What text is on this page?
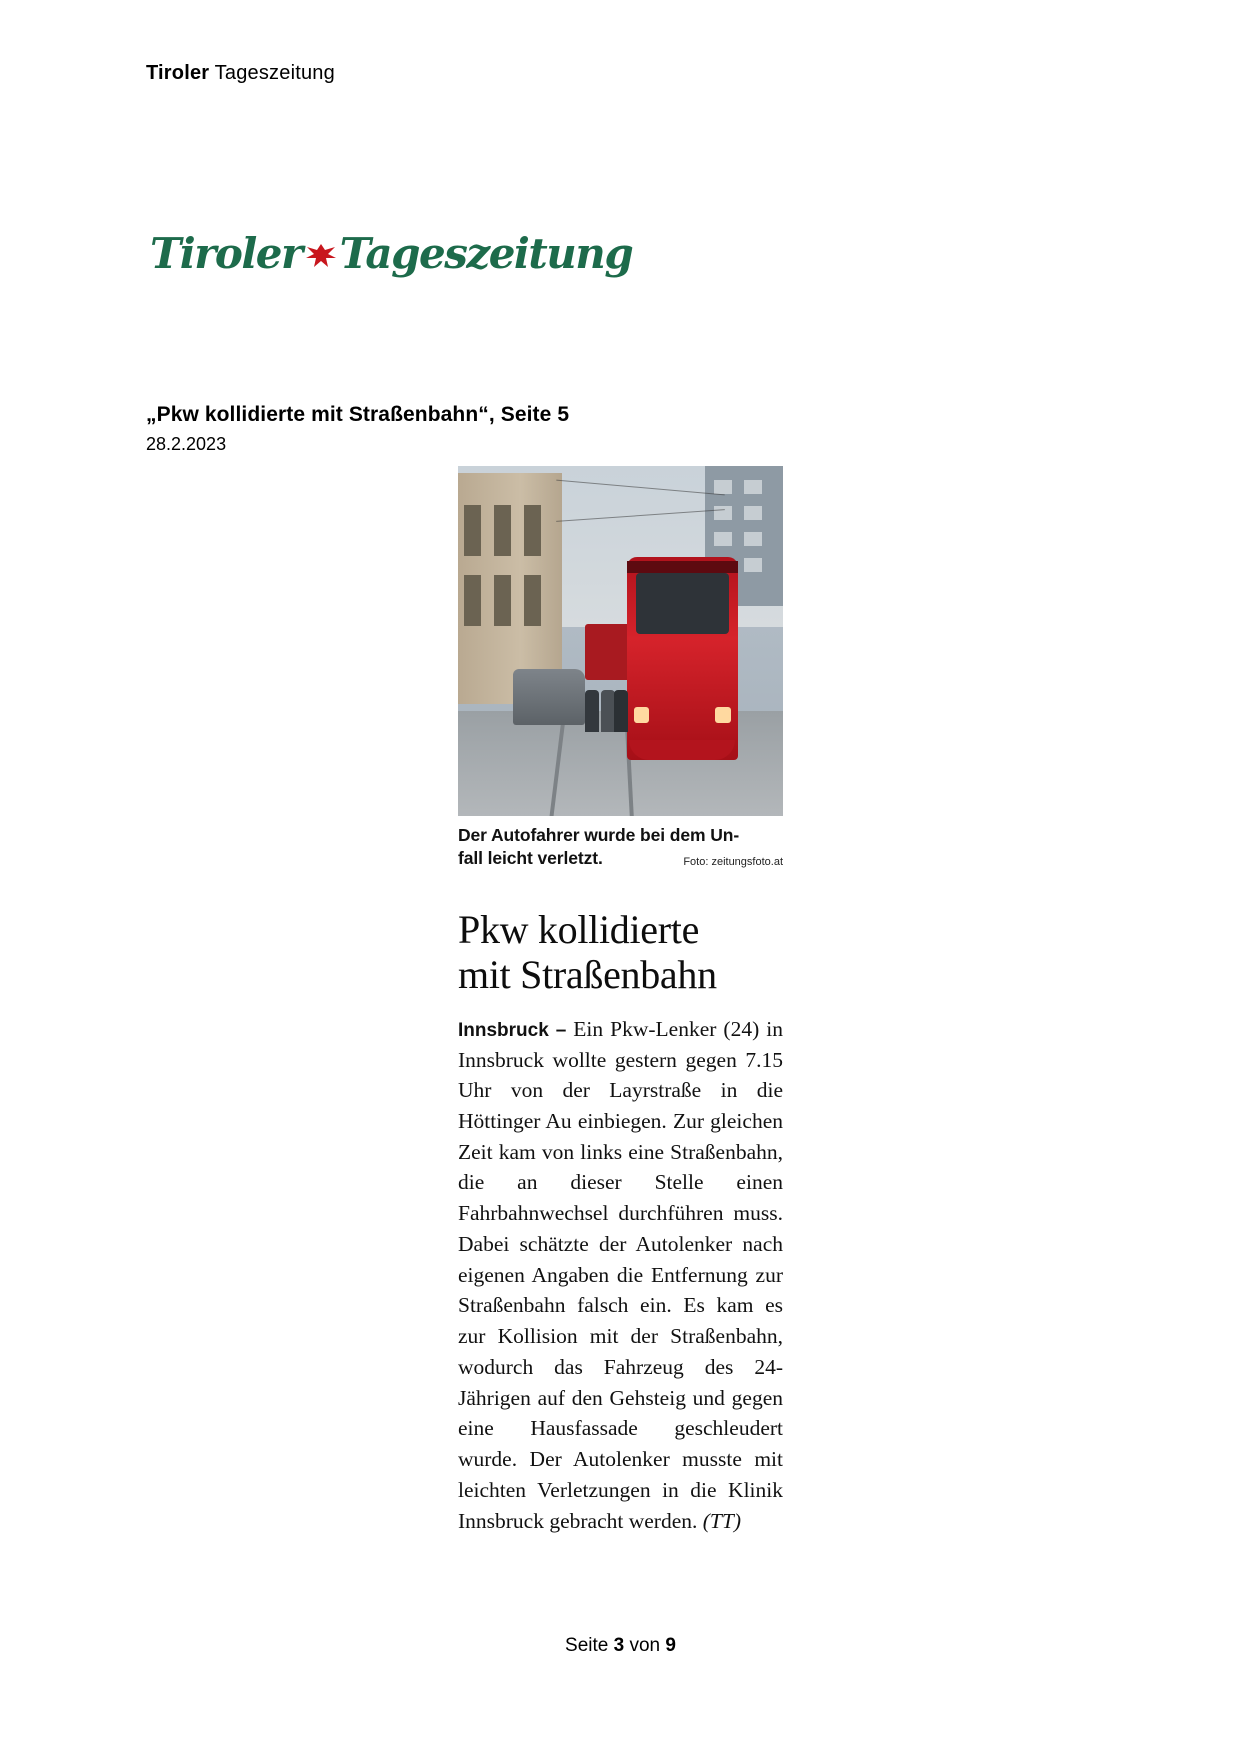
Tiroler Tageszeitung
Tiroler Tageszeitung
„Pkw kollidierte mit Straßenbahn“, Seite 5
28.2.2023
Der Autofahrer wurde bei dem Un-
fall leicht verletzt.	Foto: zeitungsfoto.at
Pkw kollidierte
mit Straßenbahn
Innsbruck – Ein Pkw-Lenker (24) in Innsbruck wollte gestern gegen 7.15 Uhr von der Layrstraße in die Höttinger Au einbiegen. Zur gleichen Zeit kam von links eine Straßenbahn, die an dieser Stelle einen Fahrbahnwechsel durchführen muss. Dabei schätzte der Autolenker nach eigenen Angaben die Entfernung zur Straßenbahn falsch ein. Es kam es zur Kollision mit der Straßenbahn, wodurch das Fahrzeug des 24-Jährigen auf den Gehsteig und gegen eine Hausfassade geschleudert wurde. Der Autolenker musste mit leichten Verletzungen in die Klinik Innsbruck gebracht werden. (TT)
Seite 3 von 9
